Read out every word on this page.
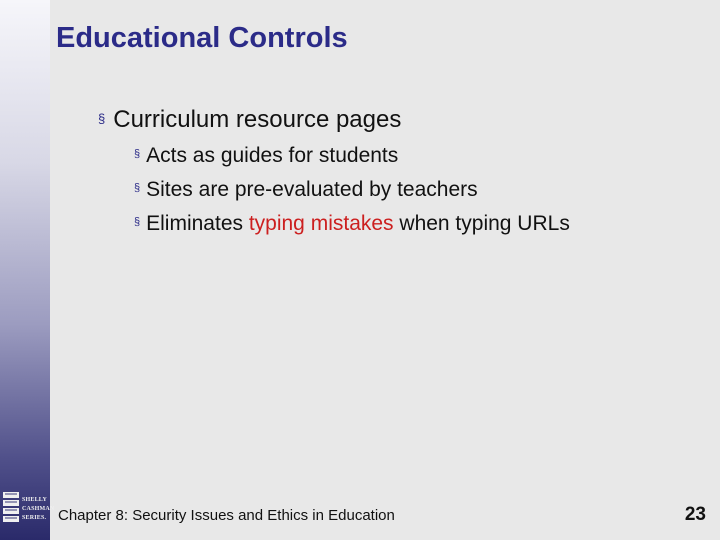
SHELLY
CASHMAN
SERIES.
Educational Controls
§ Curriculum resource pages
§ Acts as guides for students
§ Sites are pre-evaluated by teachers
§ Eliminates typing mistakes when typing URLs
Chapter 8: Security Issues and Ethics in Education	23
